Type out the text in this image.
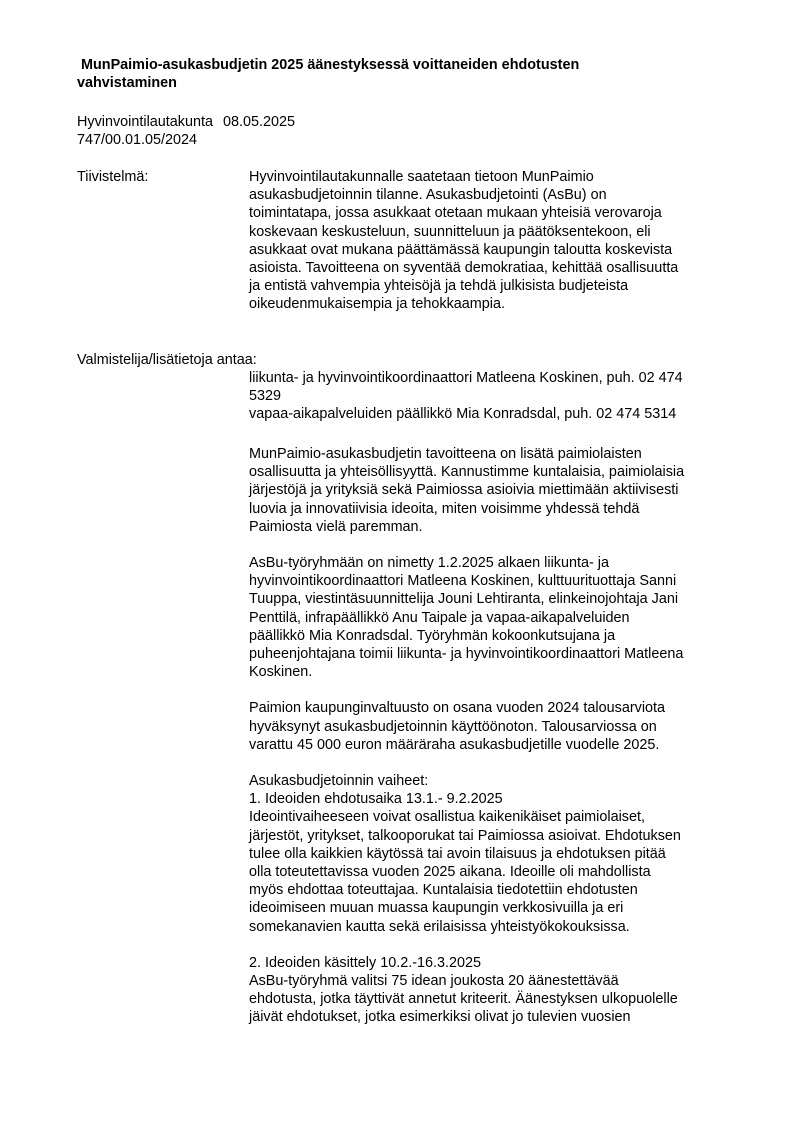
MunPaimio-asukasbudjetin 2025 äänestyksessä voittaneiden ehdotusten
vahvistaminen
Hyvinvointilautakunta 08.05.2025
747/00.01.05/2024
Tiivistelmä:	Hyvinvointilautakunnalle saatetaan tietoon MunPaimio
asukasbudjetoinnin tilanne. Asukasbudjetointi (AsBu) on
toimintatapa, jossa asukkaat otetaan mukaan yhteisiä verovaroja
koskevaan keskusteluun, suunnitteluun ja päätöksentekoon, eli
asukkaat ovat mukana päättämässä kaupungin taloutta koskevista
asioista. Tavoitteena on syventää demokratiaa, kehittää osallisuutta
ja entistä vahvempia yhteisöjä ja tehdä julkisista budjeteista
oikeudenmukaisempia ja tehokkaampia.
Valmistelija/lisätietoja antaa:
liikunta- ja hyvinvointikoordinaattori Matleena Koskinen, puh. 02 474
5329
vapaa-aikapalveluiden päällikkö Mia Konradsdal, puh. 02 474 5314
MunPaimio-asukasbudjetin tavoitteena on lisätä paimiolaisten
osallisuutta ja yhteisöllisyyttä. Kannustimme kuntalaisia, paimiolaisia
järjestöjä ja yrityksiä sekä Paimiossa asioivia miettimään aktiivisesti
luovia ja innovatiivisia ideoita, miten voisimme yhdessä tehdä
Paimiosta vielä paremman.
AsBu-työryhmään on nimetty 1.2.2025 alkaen liikunta- ja
hyvinvointikoordinaattori Matleena Koskinen, kulttuurituottaja Sanni
Tuuppa, viestintäsuunnittelija Jouni Lehtiranta, elinkeinojohtaja Jani
Penttilä, infrapäällikkö Anu Taipale ja vapaa-aikapalveluiden
päällikkö Mia Konradsdal. Työryhmän kokoonkutsujana ja
puheenjohtajana toimii liikunta- ja hyvinvointikoordinaattori Matleena
Koskinen.
Paimion kaupunginvaltuusto on osana vuoden 2024 talousarviota
hyväksynyt asukasbudjetoinnin käyttöönoton. Talousarviossa on
varattu 45 000 euron määräraha asukasbudjetille vuodelle 2025.
Asukasbudjetoinnin vaiheet:
1. Ideoiden ehdotusaika 13.1.- 9.2.2025
Ideointivaiheeseen voivat osallistua kaikenikäiset paimiolaiset,
järjestöt, yritykset, talkooporukat tai Paimiossa asioivat. Ehdotuksen
tulee olla kaikkien käytössä tai avoin tilaisuus ja ehdotuksen pitää
olla toteutettavissa vuoden 2025 aikana. Ideoille oli mahdollista
myös ehdottaa toteuttajaa. Kuntalaisia tiedotettiin ehdotusten
ideoimiseen muuan muassa kaupungin verkkosivuilla ja eri
somekanavien kautta sekä erilaisissa yhteistyökokouksissa.
2. Ideoiden käsittely 10.2.-16.3.2025
AsBu-työryhmä valitsi 75 idean joukosta 20 äänestettävää
ehdotusta, jotka täyttivät annetut kriteerit. Äänestyksen ulkopuolelle
jäivät ehdotukset, jotka esimerkiksi olivat jo tulevien vuosien
